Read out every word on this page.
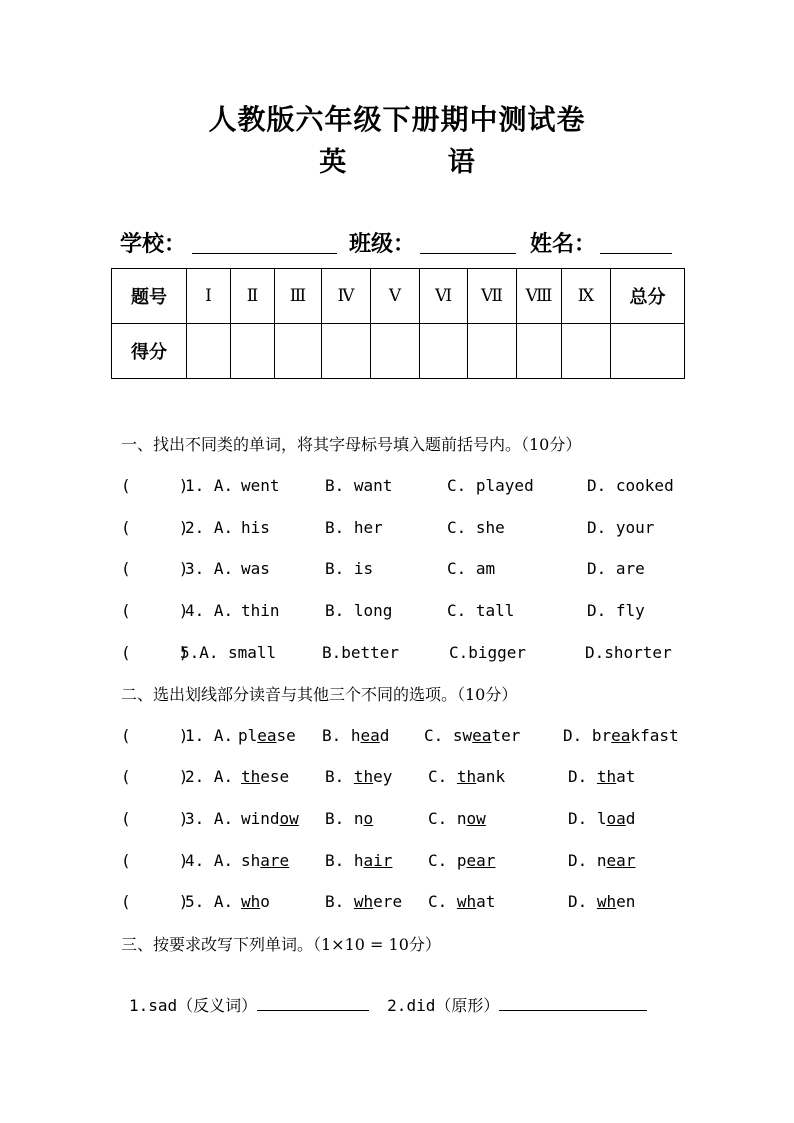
人教版六年级下册期中测试卷
英 语
学校：	班级：	姓名：
题号	Ⅰ	Ⅱ	Ⅲ	Ⅳ	Ⅴ	Ⅵ	Ⅶ	Ⅷ	Ⅸ	总分
得分										
一、找出不同类的单词，将其字母标号填入题前括号内。（10分）
(     )
1. A. went	B. want	C. played	D. cooked
(     )
2. A. his	B. her	C. she	D. your
(     )
3. A. was	B. is	C. am	D. are
(     )
4. A. thin	B. long	C. tall	D. fly
(     )
5.A. small	B.better	C.bigger	D.shorter
二、选出划线部分读音与其他三个不同的选项。（10分）
(     )
1. A. please B. head C. sweater	D. breakfast
(     )
2. A. these B. they C. thank	D. that
(     )
3. A. window B. no	C. now	D. load
(     )
4. A. share B. hair C. pear	D. near
(     )
5. A. who	B. where C. what	D. when
三、按要求改写下列单词。（1×10 = 10分）

1.sad（反义词）	2.did（原形）
